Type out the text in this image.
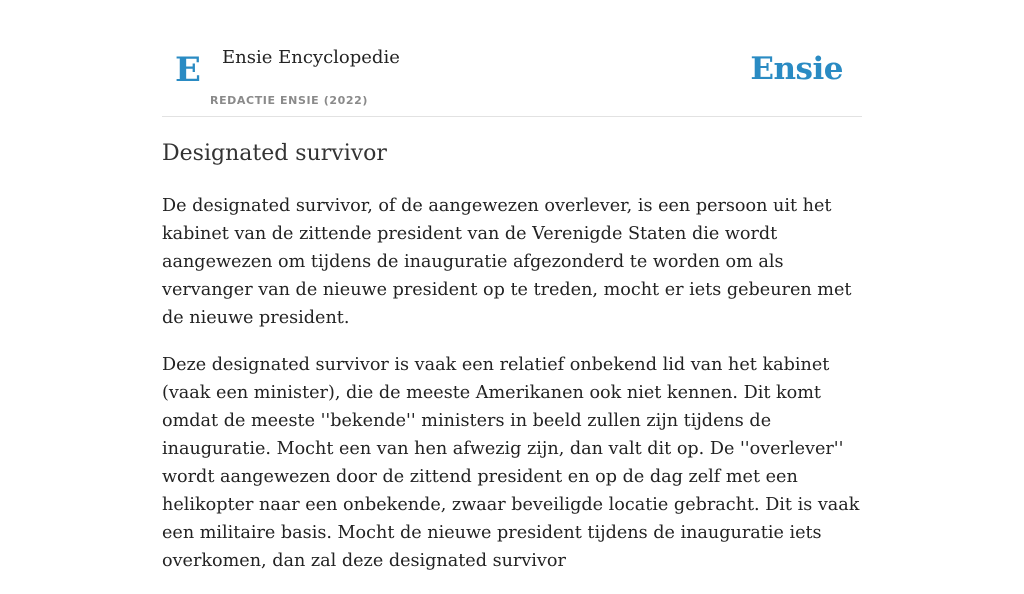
E Ensie Encyclopedie
REDACTIE ENSIE (2022)
Ensie
Designated survivor

De designated survivor, of de aangewezen overlever, is een persoon uit het kabinet van de zittende president van de Verenigde Staten die wordt aangewezen om tijdens de inauguratie afgezonderd te worden om als vervanger van de nieuwe president op te treden, mocht er iets gebeuren met de nieuwe president.

Deze designated survivor is vaak een relatief onbekend lid van het kabinet (vaak een minister), die de meeste Amerikanen ook niet kennen. Dit komt omdat de meeste ''bekende'' ministers in beeld zullen zijn tijdens de inauguratie. Mocht een van hen afwezig zijn, dan valt dit op. De ''overlever'' wordt aangewezen door de zittend president en op de dag zelf met een helikopter naar een onbekende, zwaar beveiligde locatie gebracht. Dit is vaak een militaire basis. Mocht de nieuwe president tijdens de inauguratie iets overkomen, dan zal deze designated survivor
